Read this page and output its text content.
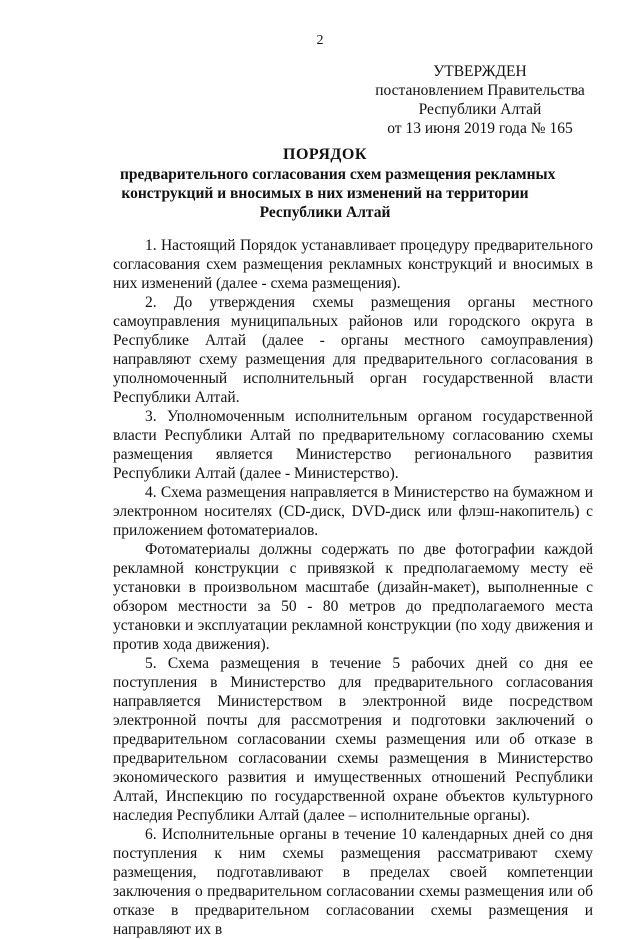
2
УТВЕРЖДЕН
постановлением Правительства
Республики Алтай
от 13 июня 2019 года № 165
ПОРЯДОК
предварительного согласования схем размещения рекламных
конструкций и вносимых в них изменений на территории
Республики Алтай

1. Настоящий Порядок устанавливает процедуру предварительного согласования схем размещения рекламных конструкций и вносимых в них изменений (далее - схема размещения).

2. До утверждения схемы размещения органы местного самоуправления муниципальных районов или городского округа в Республике Алтай (далее - органы местного самоуправления) направляют схему размещения для предварительного согласования в уполномоченный исполнительный орган государственной власти Республики Алтай.

3. Уполномоченным исполнительным органом государственной власти Республики Алтай по предварительному согласованию схемы размещения является Министерство регионального развития Республики Алтай (далее - Министерство).

4. Схема размещения направляется в Министерство на бумажном и электронном носителях (CD-диск, DVD-диск или флэш-накопитель) с приложением фотоматериалов.

Фотоматериалы должны содержать по две фотографии каждой рекламной конструкции с привязкой к предполагаемому месту её установки в произвольном масштабе (дизайн-макет), выполненные с обзором местности за 50 - 80 метров до предполагаемого места установки и эксплуатации рекламной конструкции (по ходу движения и против хода движения).

5. Схема размещения в течение 5 рабочих дней со дня ее поступления в Министерство для предварительного согласования направляется Министерством в электронной виде посредством электронной почты для рассмотрения и подготовки заключений о предварительном согласовании схемы размещения или об отказе в предварительном согласовании схемы размещения в Министерство экономического развития и имущественных отношений Республики Алтай, Инспекцию по государственной охране объектов культурного наследия Республики Алтай (далее – исполнительные органы).

6. Исполнительные органы в течение 10 календарных дней со дня поступления к ним схемы размещения рассматривают схему размещения, подготавливают в пределах своей компетенции заключения о предварительном согласовании схемы размещения или об отказе в предварительном согласовании схемы размещения и направляют их в
